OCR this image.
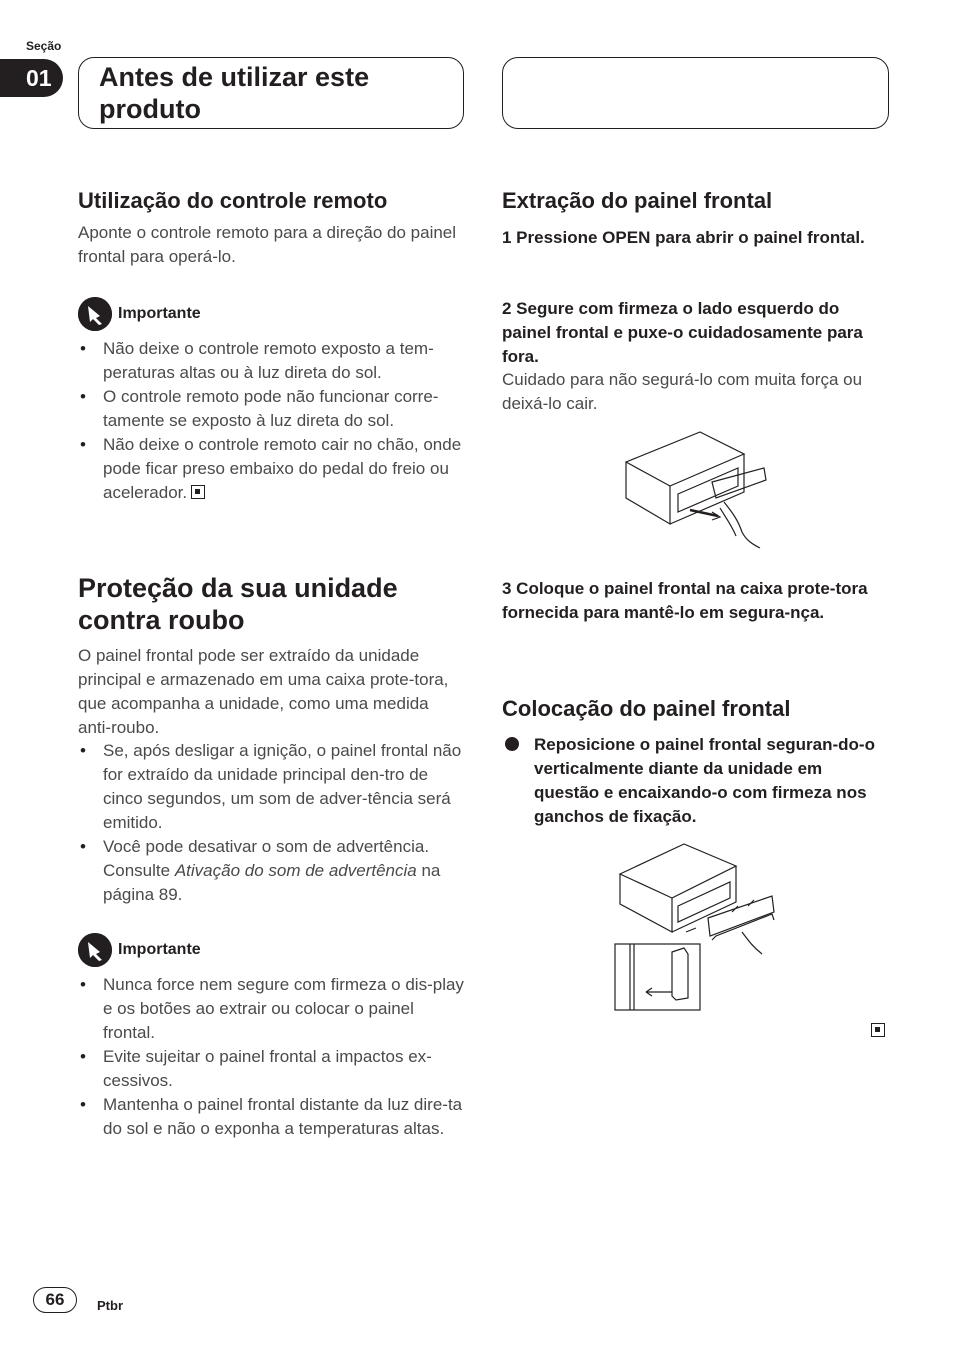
Seção
01	Antes de utilizar este produto
Utilização do controle remoto
Aponte o controle remoto para a direção do painel frontal para operá-lo.
Importante
• Não deixe o controle remoto exposto a tem-peraturas altas ou à luz direta do sol.
• O controle remoto pode não funcionar corre-tamente se exposto à luz direta do sol.
• Não deixe o controle remoto cair no chão, onde pode ficar preso embaixo do pedal do freio ou acelerador.
Proteção da sua unidade contra roubo
O painel frontal pode ser extraído da unidade principal e armazenado em uma caixa prote-tora, que acompanha a unidade, como uma medida anti-roubo.
• Se, após desligar a ignição, o painel frontal não for extraído da unidade principal den-tro de cinco segundos, um som de adver-tência será emitido.
• Você pode desativar o som de advertência. Consulte Ativação do som de advertência na página 89.
Importante
• Nunca force nem segure com firmeza o dis-play e os botões ao extrair ou colocar o painel frontal.
• Evite sujeitar o painel frontal a impactos ex-cessivos.
• Mantenha o painel frontal distante da luz dire-ta do sol e não o exponha a temperaturas altas.
Extração do painel frontal
1 Pressione OPEN para abrir o painel frontal.
2 Segure com firmeza o lado esquerdo do painel frontal e puxe-o cuidadosamente para fora.
Cuidado para não segurá-lo com muita força ou deixá-lo cair.
3 Coloque o painel frontal na caixa prote-tora fornecida para mantê-lo em segura-nça.
Colocação do painel frontal
Reposicione o painel frontal seguran-do-o verticalmente diante da unidade em questão e encaixando-o com firmeza nos ganchos de fixação.
66	Ptbr
